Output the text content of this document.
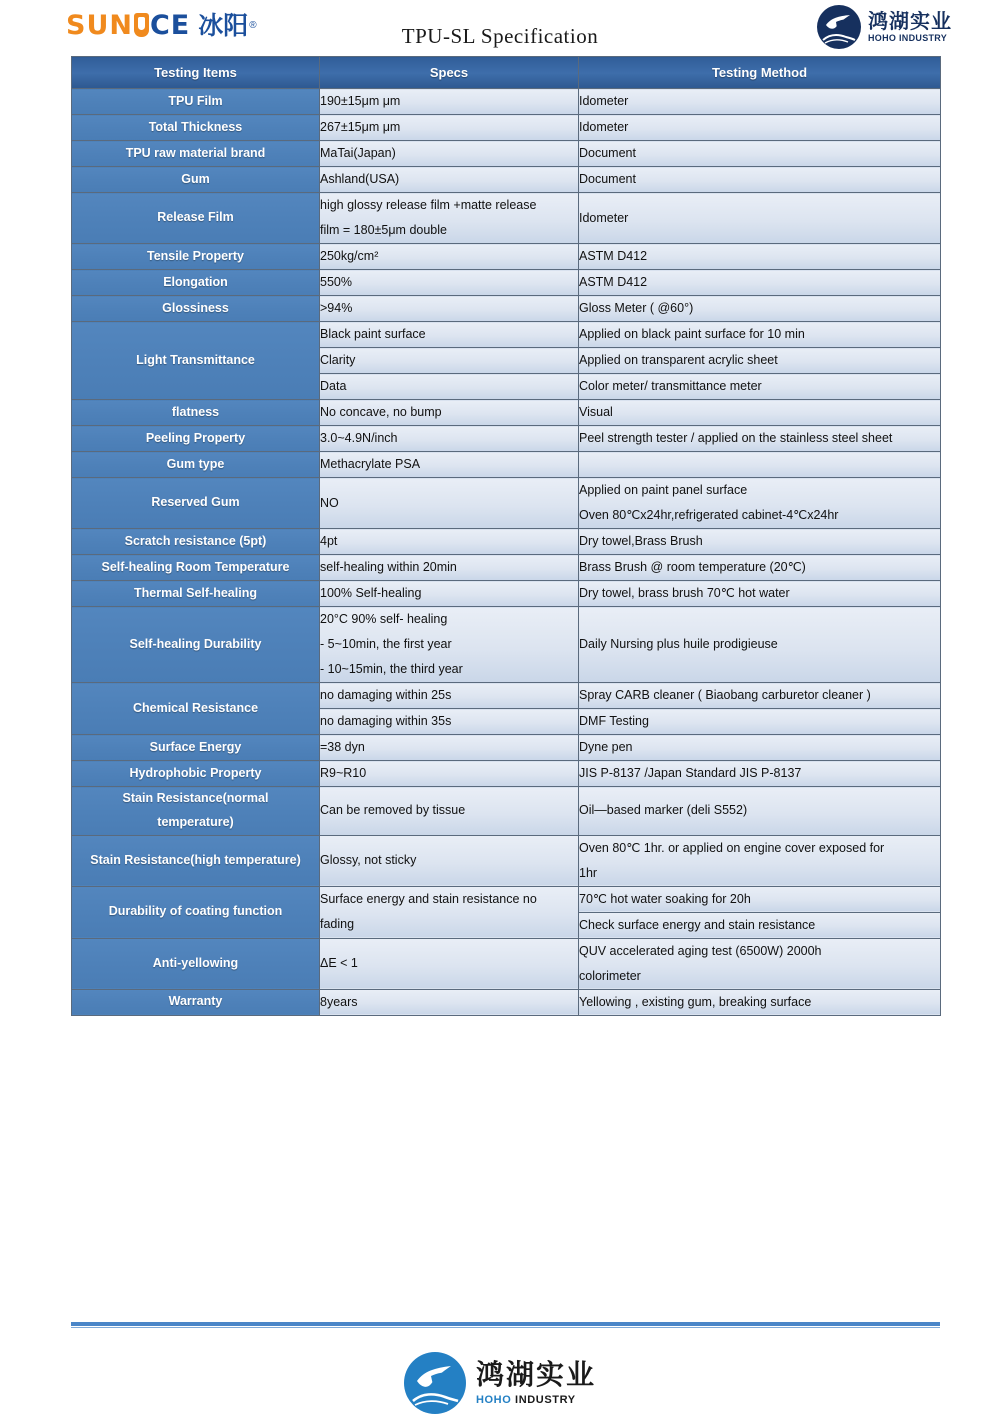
SUN CE 冰阳 ®	TPU-SL Specification
鸿湖实业
HOHO INDUSTRY
Testing Items	Specs	Testing Method
TPU Film	190±15μm μm	Idometer

Total Thickness	267±15μm μm	Idometer

TPU raw material brand	MaTai(Japan)	Document

Gum	Ashland(USA)	Document

Release Film	high glossy release film +matte release
film = 180±5μm double	Idometer

Tensile Property	250kg/cm²	ASTM D412

Elongation	550%	ASTM D412

Glossiness	>94%	Gloss Meter ( @60°)

Light Transmittance	Black paint surface	Applied on black paint surface for 10 min
	Clarity	Applied on transparent acrylic sheet
	Data	Color meter/ transmittance meter
flatness	No concave, no bump	Visual

Peeling Property	3.0~4.9N/inch	Peel strength tester / applied on the stainless steel sheet

Gum type	Methacrylate PSA	

Reserved Gum	NO	Applied on paint panel surface
Oven 80℃x24hr,refrigerated cabinet-4℃x24hr

Scratch resistance (5pt)	4pt	Dry towel,Brass Brush

Self-healing Room Temperature	self-healing within 20min	Brass Brush @ room temperature (20℃)

Thermal Self-healing	100% Self-healing	Dry towel, brass brush 70℃ hot water

Self-healing Durability	20°C 90% self- healing
- 5~10min, the first year
- 10~15min, the third year	Daily Nursing plus huile prodigieuse

Chemical Resistance	no damaging within 25s	Spray CARB cleaner ( Biaobang carburetor cleaner )
	no damaging within 35s	DMF Testing
Surface Energy	=38 dyn	Dyne pen

Hydrophobic Property	R9~R10	JIS P-8137 /Japan Standard JIS P-8137

Stain Resistance(normal
temperature)	Can be removed by tissue	Oil—based marker (deli S552)

Stain Resistance(high temperature)	Glossy, not sticky	Oven 80℃ 1hr. or applied on engine cover exposed for
1hr

Durability of coating function	Surface energy and stain resistance no
fading	70℃ hot water soaking for 20h
		Check surface energy and stain resistance
Anti-yellowing	ΔE < 1	QUV accelerated aging test (6500W) 2000h
colorimeter

Warranty	8years	Yellowing , existing gum, breaking surface
鸿湖实业
HOHO INDUSTRY
